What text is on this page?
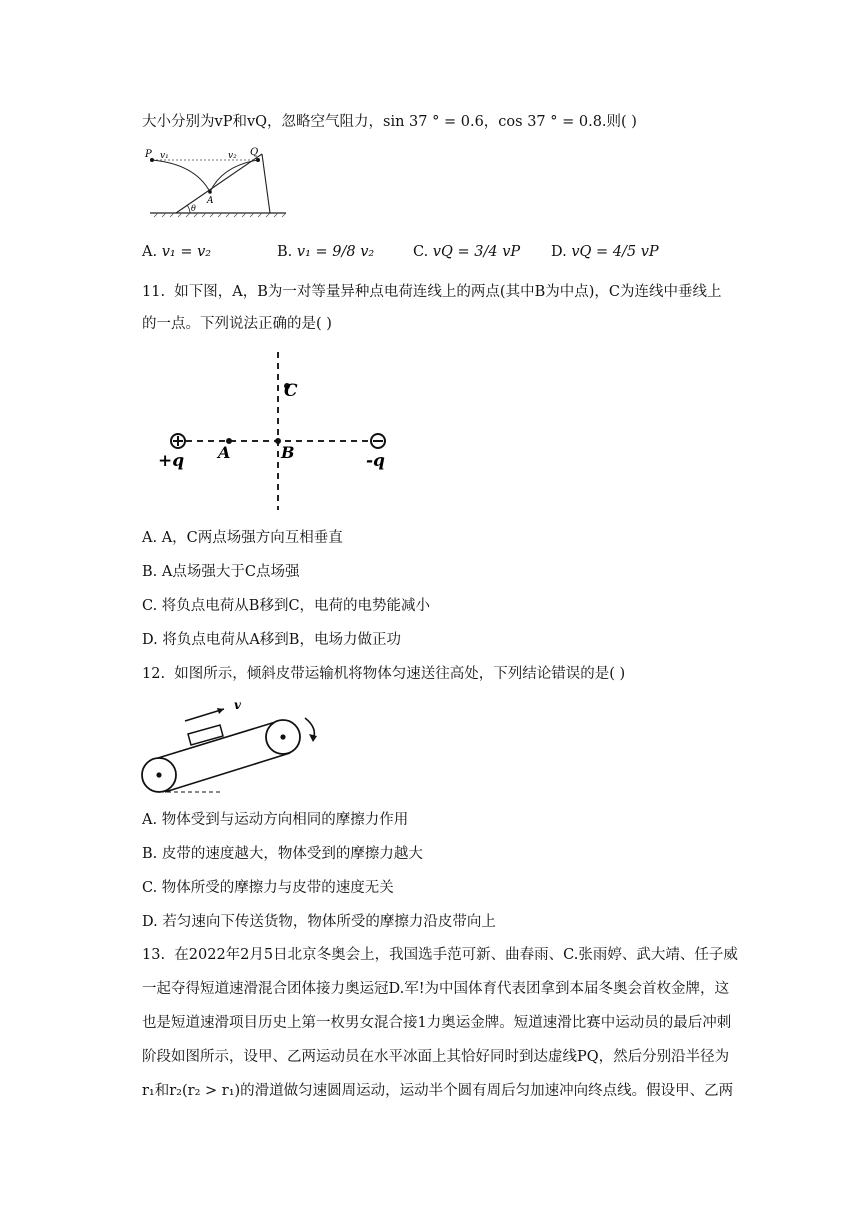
大小分别为vP和vQ，忽略空气阻力，sin 37 ° = 0.6，cos 37 ° = 0.8.则( )
P v₁	v₂ Q
A
θ
A. v₁ = v₂	B. v₁ = 9/8 v₂	C. vQ = 3/4 vP D. vQ = 4/5 vP
11. 如下图，A，B为一对等量异种点电荷连线上的两点(其中B为中点)，C为连线中垂线上
的一点。下列说法正确的是( )
C
+q A	B	-q
A. A，C两点场强方向互相垂直
B. A点场强大于C点场强
C. 将负点电荷从B移到C，电荷的电势能减小
D. 将负点电荷从A移到B，电场力做正功
12. 如图所示，倾斜皮带运输机将物体匀速送往高处，下列结论错误的是( )
v
A. 物体受到与运动方向相同的摩擦力作用
B. 皮带的速度越大，物体受到的摩擦力越大
C. 物体所受的摩擦力与皮带的速度无关
D. 若匀速向下传送货物，物体所受的摩擦力沿皮带向上
13. 在2022年2月5日北京冬奥会上，我国选手范可新、曲春雨、C.张雨婷、武大靖、任子威
一起夺得短道速滑混合团体接力奥运冠D.军!为中国体育代表团拿到本届冬奥会首枚金牌，这
也是短道速滑项目历史上第一枚男女混合接1力奥运金牌。短道速滑比赛中运动员的最后冲刺
阶段如图所示，设甲、乙两运动员在水平冰面上其恰好同时到达虚线PQ，然后分别沿半径为
r₁和r₂(r₂ > r₁)的滑道做匀速圆周运动，运动半个圆有周后匀加速冲向终点线。假设甲、乙两
